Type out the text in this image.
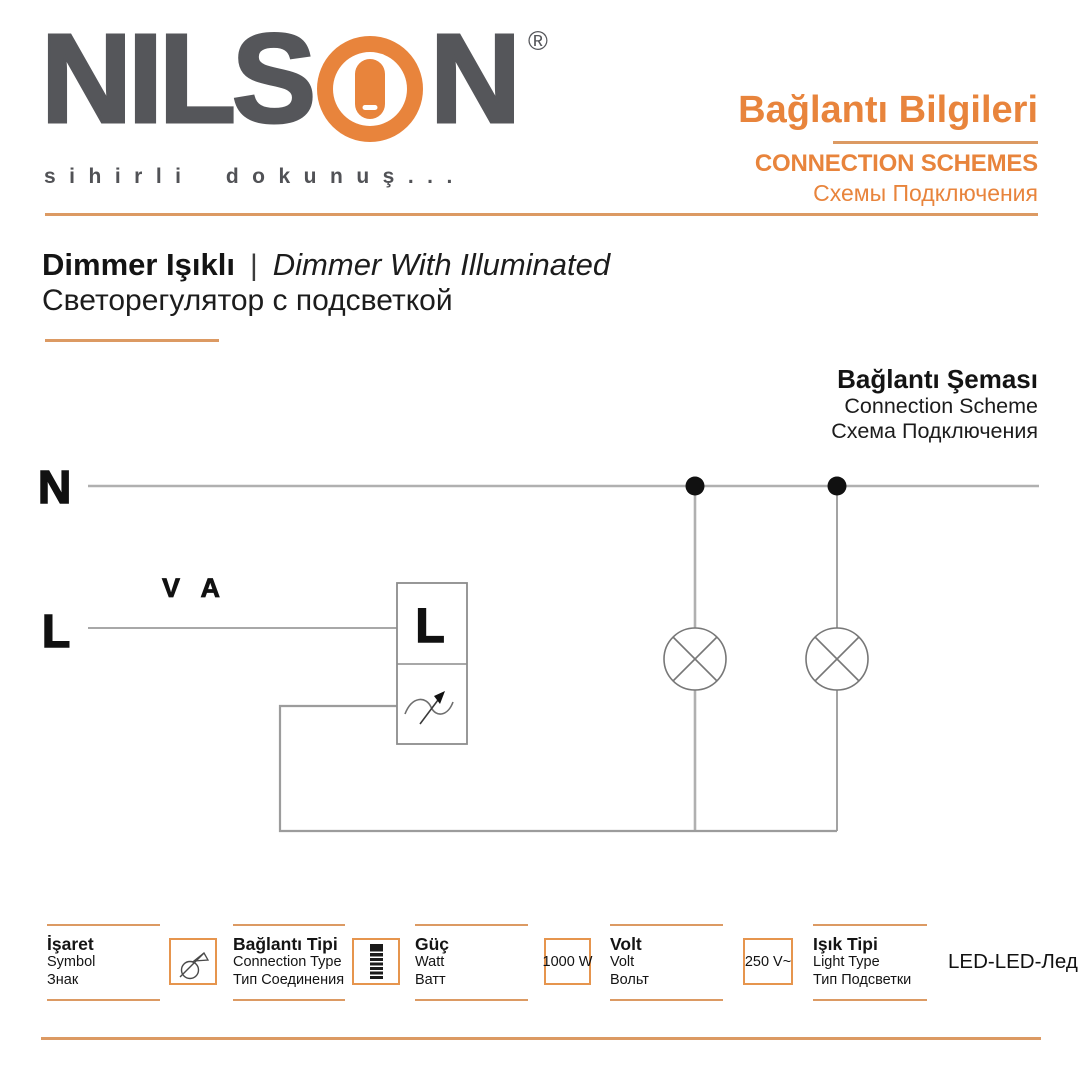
NILS N ®
sihirli dokunuş...
Bağlantı Bilgileri
CONNECTION SCHEMES
Схемы Подключения
Dimmer Işıklı | Dimmer With Illuminated
Светорегулятор с подсветкой
Bağlantı Şeması
Connection Scheme
Схема Подключения
L
N
L
V A
İşaret
Symbol
Знак
Bağlantı Tipi
Connection Type
Тип Соединения
Güç
Watt
Ватт
1000 W
Volt
Volt
Вольт
250 V~
Işık Tipi
Light Type
Тип Подсветки
LED-LED-Лед
